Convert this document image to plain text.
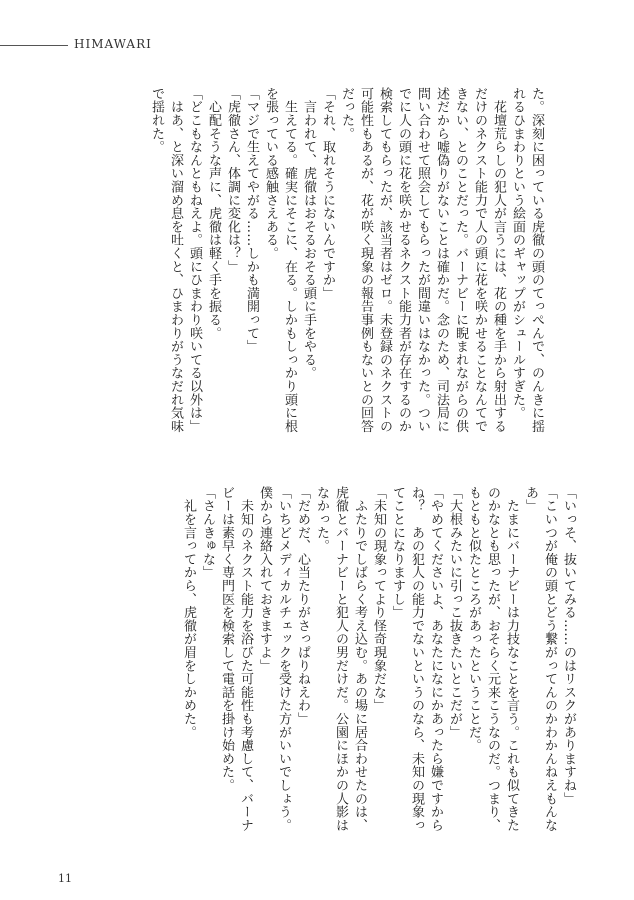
HIMAWARI

た。深刻に困っている虎徹の頭のてっぺんで、のんきに揺

れるひまわりという絵面のギャップがシュールすぎた。

　花壇荒らしの犯人が言うには、花の種を手から射出する

だけのネクスト能力で人の頭に花を咲かせることなんてで

きない、とのことだった。バーナビーに睨まれながらの供

述だから嘘偽りがないことは確かだ。念のため、司法局に

問い合わせて照会してもらったが間違いはなかった。つい

でに人の頭に花を咲かせるネクスト能力者が存在するのか

検索してもらったが、該当者はゼロ。未登録のネクストの

可能性もあるが、花が咲く現象の報告事例もないとの回答

だった。

「それ、取れそうにないんですか」

　言われて、虎徹はおそるおそる頭に手をやる。

　生えてる。確実にそこに、在る。しかもしっかり頭に根

を張っている感触さえある。

「マジで生えてやがる……しかも満開って」

「虎徹さん、体調に変化は？」

　心配そうな声に、虎徹は軽く手を振る。

「どこもなんともねえよ。頭にひまわり咲いてる以外は」

　はあ、と深い溜め息を吐くと、ひまわりがうなだれ気味

で揺れた。

「いっそ、抜いてみる……のはリスクがありますね」

「こいつが俺の頭とどう繋がってんのかわかんねえもんな

あ」

　たまにバーナビーは力技なことを言う。これも似てきた

のかなとも思ったが、おそらく元来こうなのだ。つまり、

もともと似たところがあったということだ。

「大根みたいに引っこ抜きたいとこだが」

「やめてくださいよ、あなたになにかあったら嫌ですから

ね？　あの犯人の能力でないというのなら、未知の現象っ

てことになりますし」

「未知の現象ってより怪奇現象だな」

　ふたりでしばらく考え込む。あの場に居合わせたのは、

虎徹とバーナビーと犯人の男だけだ。公園にほかの人影は

なかった。

「だめだ、心当たりがさっぱりねえわ」

「いちどメディカルチェックを受けた方がいいでしょう。

僕から連絡入れておきますよ」

　未知のネクスト能力を浴びた可能性も考慮して、バーナ

ビーは素早く専門医を検索して電話を掛け始めた。

「さんきゅな」

　礼を言ってから、虎徹が眉をしかめた。

11
